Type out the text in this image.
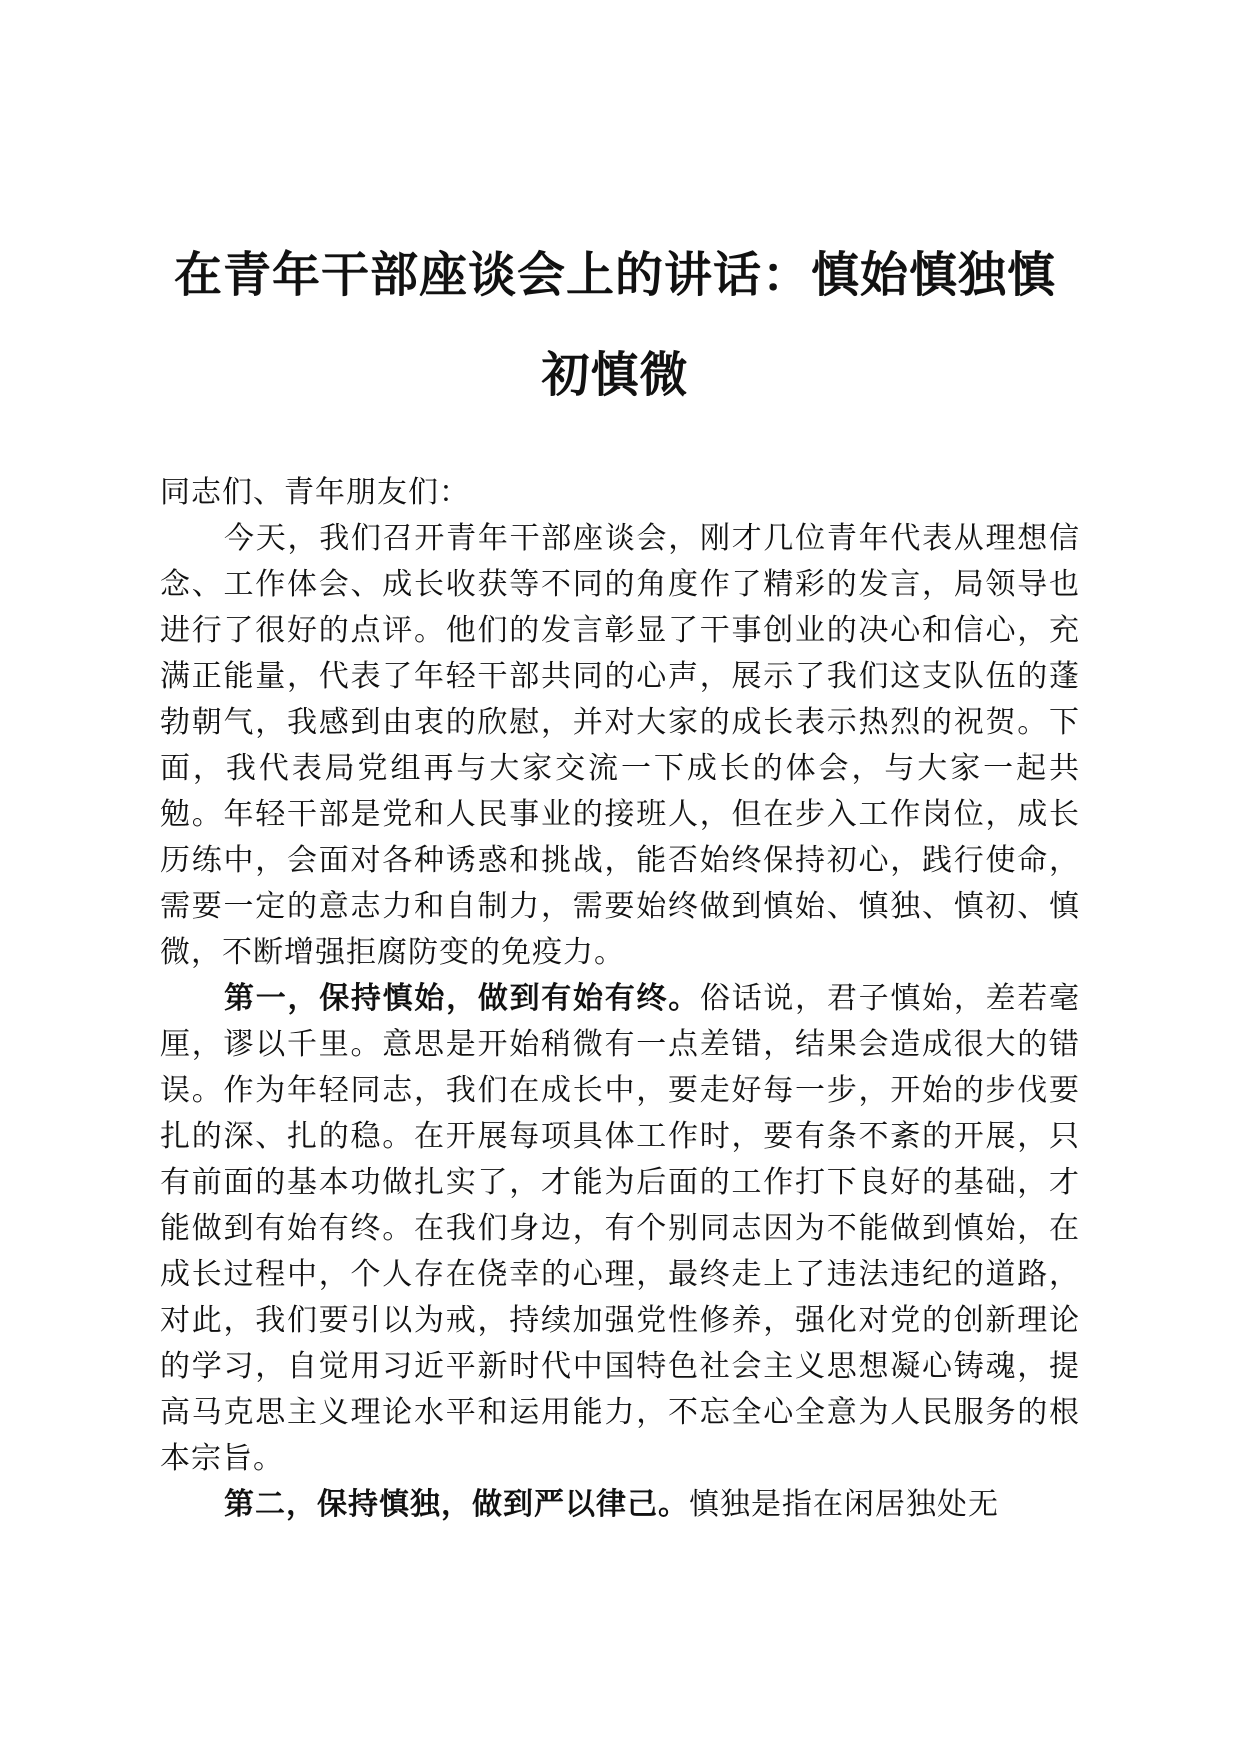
在青年干部座谈会上的讲话：慎始慎独慎初慎微

同志们、青年朋友们：

今天，我们召开青年干部座谈会，刚才几位青年代表从理想信念、工作体会、成长收获等不同的角度作了精彩的发言，局领导也进行了很好的点评。他们的发言彰显了干事创业的决心和信心，充满正能量，代表了年轻干部共同的心声，展示了我们这支队伍的蓬勃朝气，我感到由衷的欣慰，并对大家的成长表示热烈的祝贺。下面，我代表局党组再与大家交流一下成长的体会，与大家一起共勉。年轻干部是党和人民事业的接班人，但在步入工作岗位，成长历练中，会面对各种诱惑和挑战，能否始终保持初心，践行使命，需要一定的意志力和自制力，需要始终做到慎始、慎独、慎初、慎微，不断增强拒腐防变的免疫力。

第一，保持慎始，做到有始有终。俗话说，君子慎始，差若毫厘，谬以千里。意思是开始稍微有一点差错，结果会造成很大的错误。作为年轻同志，我们在成长中，要走好每一步，开始的步伐要扎的深、扎的稳。在开展每项具体工作时，要有条不紊的开展，只有前面的基本功做扎实了，才能为后面的工作打下良好的基础，才能做到有始有终。在我们身边，有个别同志因为不能做到慎始，在成长过程中，个人存在侥幸的心理，最终走上了违法违纪的道路，对此，我们要引以为戒，持续加强党性修养，强化对党的创新理论的学习，自觉用习近平新时代中国特色社会主义思想凝心铸魂，提高马克思主义理论水平和运用能力，不忘全心全意为人民服务的根本宗旨。

第二，保持慎独，做到严以律己。慎独是指在闲居独处无
